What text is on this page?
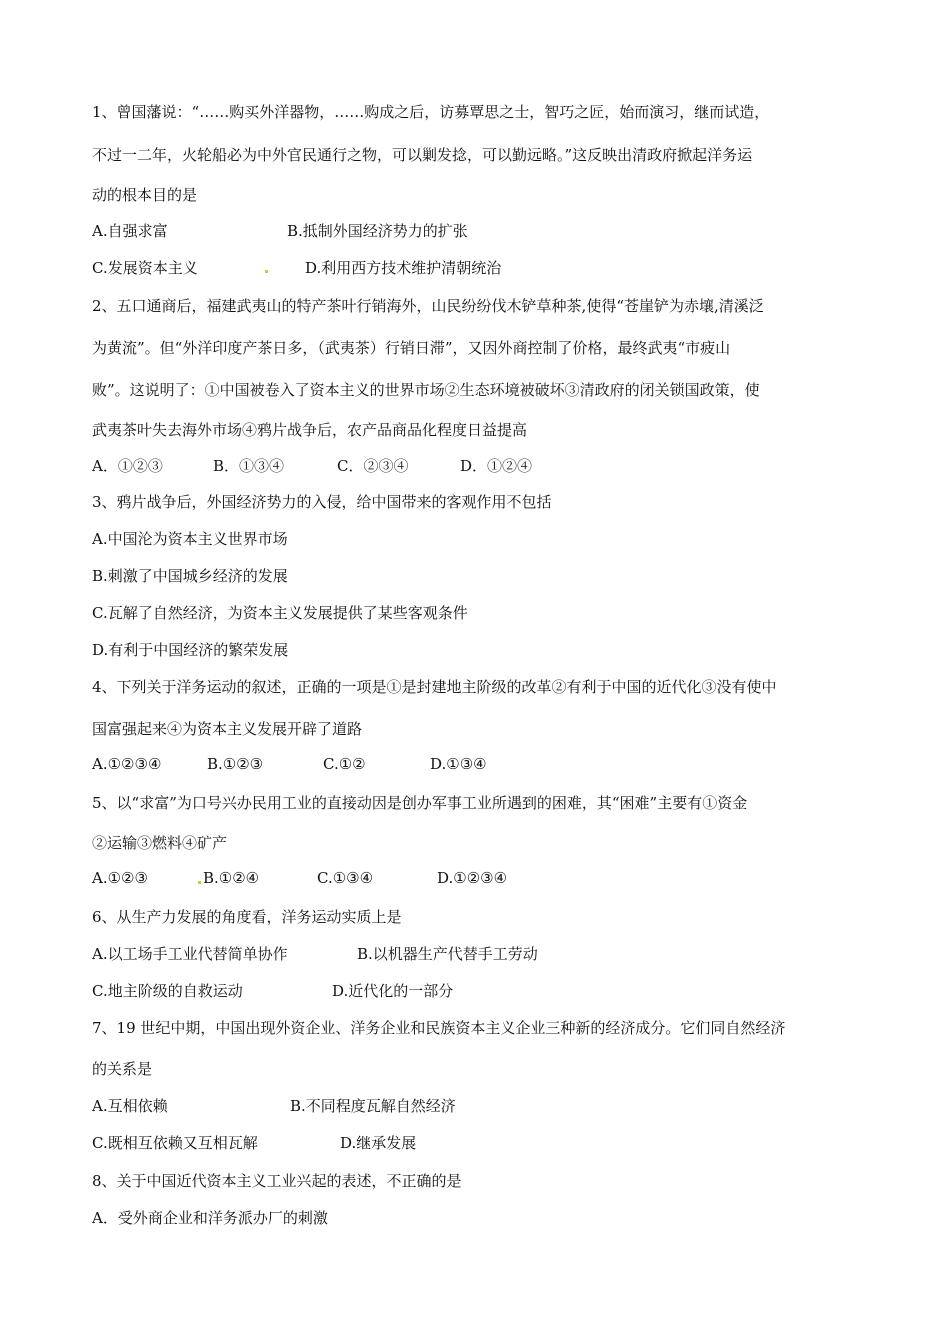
1、曾国藩说：“……购买外洋器物，……购成之后，访募覃思之士，智巧之匠，始而演习，继而试造，
不过一二年，火轮船必为中外官民通行之物，可以剿发捻，可以勤远略。”这反映出清政府掀起洋务运
动的根本目的是
A.自强求富	B.抵制外国经济势力的扩张
C.发展资本主义	D.利用西方技术维护清朝统治
2、五口通商后，福建武夷山的特产茶叶行销海外，山民纷纷伐木铲草种茶,使得“苍崖铲为赤壤,清溪泛
为黄流”。但“外洋印度产茶日多，（武夷茶）行销日滞”，又因外商控制了价格，最终武夷“市疲山
败”。这说明了：①中国被卷入了资本主义的世界市场②生态环境被破坏③清政府的闭关锁国政策，使
武夷茶叶失去海外市场④鸦片战争后，农产品商品化程度日益提高
A．①②③	B．①③④	C．②③④	D．①②④
3、鸦片战争后，外国经济势力的入侵，给中国带来的客观作用不包括
A.中国沦为资本主义世界市场
B.刺激了中国城乡经济的发展
C.瓦解了自然经济，为资本主义发展提供了某些客观条件
D.有利于中国经济的繁荣发展
4、下列关于洋务运动的叙述，正确的一项是①是封建地主阶级的改革②有利于中国的近代化③没有使中
国富强起来④为资本主义发展开辟了道路
A.①②③④	B.①②③	C.①②	D.①③④
5、以“求富”为口号兴办民用工业的直接动因是创办军事工业所遇到的困难，其“困难”主要有①资金
②运输③燃料④矿产
A.①②③	B.①②④	C.①③④	D.①②③④
6、从生产力发展的角度看，洋务运动实质上是
A.以工场手工业代替简单协作	B.以机器生产代替手工劳动
C.地主阶级的自救运动	D.近代化的一部分
7、19 世纪中期，中国出现外资企业、洋务企业和民族资本主义企业三种新的经济成分。它们同自然经济
的关系是
A.互相依赖	B.不同程度瓦解自然经济
C.既相互依赖又互相瓦解	D.继承发展
8、关于中国近代资本主义工业兴起的表述，不正确的是
A．受外商企业和洋务派办厂的刺激
